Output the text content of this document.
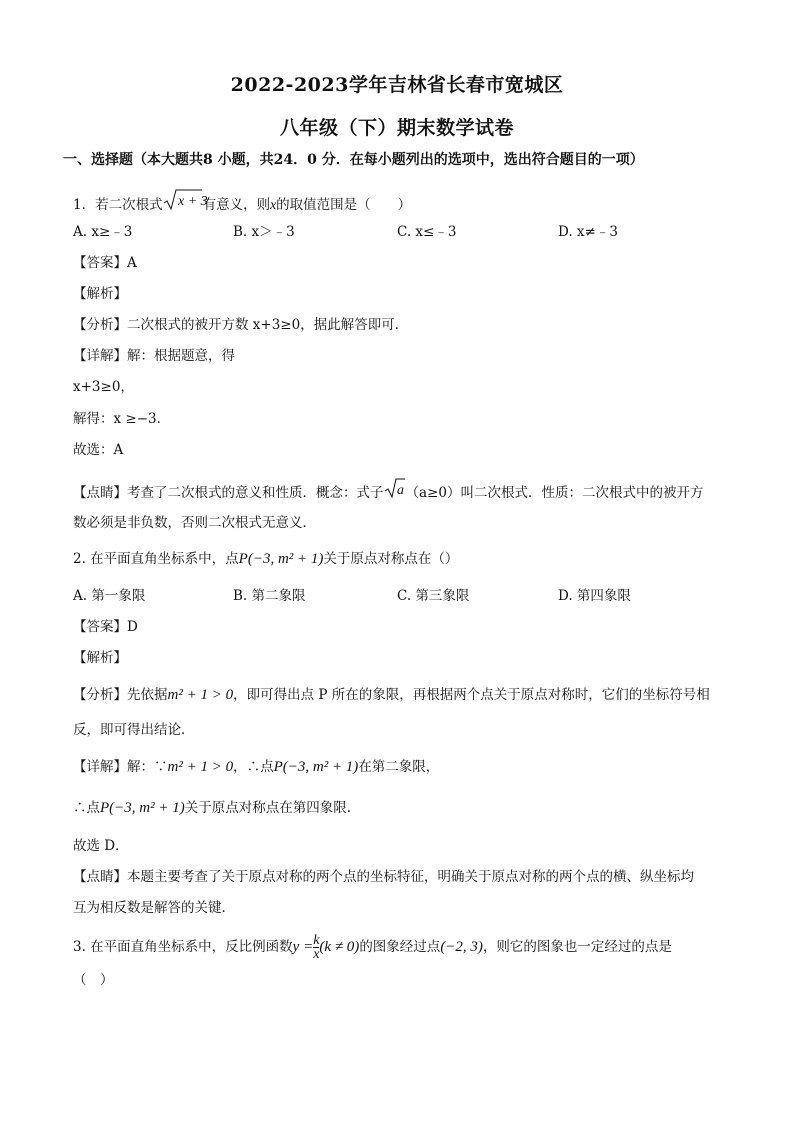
2022-2023学年吉林省长春市宽城区
八年级（下）期末数学试卷
一、选择题（本大题共8 小题，共24．0 分．在每小题列出的选项中，选出符合题目的一项）
1．若二次根式 x + 3
有意义，则x的取值范围是（　　）
A. x≥﹣3	B. x＞﹣3	C. x≤﹣3	D. x≠﹣3
【答案】A
【解析】
【分析】二次根式的被开方数 x+3≥0，据此解答即可．
【详解】解：根据题意，得
x+3≥0，
解得：x ≥−3．
故选：A
【点睛】考查了二次根式的意义和性质．概念：式子 a （a≥0）叫二次根式．性质：二次根式中的被开方
数必须是非负数，否则二次根式无意义．
2. 在平面直角坐标系中，点P(−3, m² + 1)关于原点对称点在（）
A. 第一象限	B. 第二象限	C. 第三象限	D. 第四象限
【答案】D
【解析】
【分析】先依据m² + 1 > 0，即可得出点 P 所在的象限，再根据两个点关于原点对称时，它们的坐标符号相
反，即可得出结论．
【详解】解：∵m² + 1 > 0，∴点P(−3, m² + 1)在第二象限，
∴点P(−3, m² + 1)关于原点对称点在第四象限.
故选 D．
【点睛】本题主要考查了关于原点对称的两个点的坐标特征，明确关于原点对称的两个点的横、纵坐标均
互为相反数是解答的关键．
3. 在平面直角坐标系中，反比例函数$y = \frac{k}{x} (k \ne 0)$的图象经过点(−2, 3)，则它的图象也一定经过的点是
（　）
